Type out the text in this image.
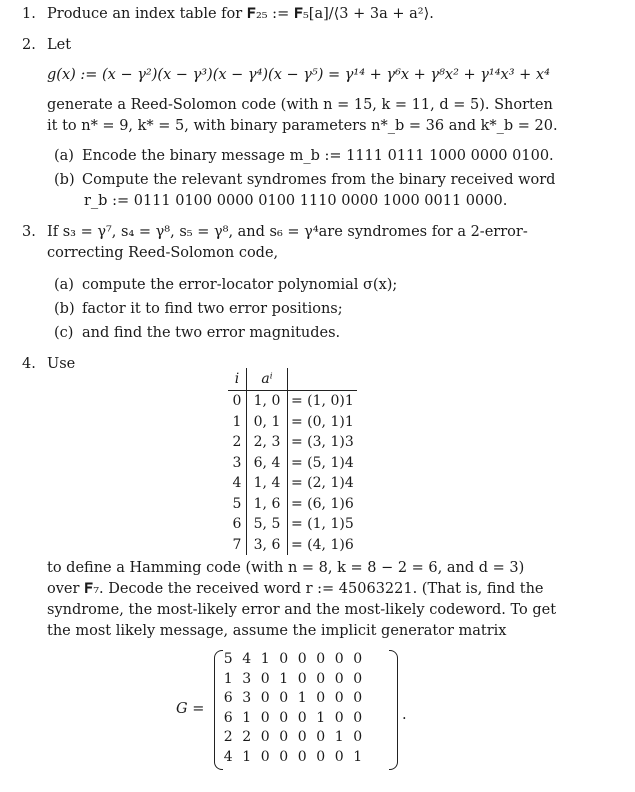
1. Produce an index table for 𝐅₂₅ := 𝐅₅[a]/⟨3 + 3a + a²⟩.
2. Let
g(x) := (x − γ²)(x − γ³)(x − γ⁴)(x − γ⁵) = γ¹⁴ + γ⁶x + γ⁸x² + γ¹⁴x³ + x⁴
generate a Reed-Solomon code (with n = 15, k = 11, d = 5). Shorten
it to n* = 9, k* = 5, with binary parameters n*_b = 36 and k*_b = 20.
(a) Encode the binary message m_b := 1111 0111 1000 0000 0100.
(b) Compute the relevant syndromes from the binary received word
r_b := 0111 0100 0000 0100 1110 0000 1000 0011 0000.
3. If s₃ = γ⁷, s₄ = γ⁸, s₅ = γ⁸, and s₆ = γ⁴are syndromes for a 2-error-
correcting Reed-Solomon code,
(a) compute the error-locator polynomial σ(x);
(b) factor it to find two error positions;
(c) and find the two error magnitudes.
4. Use
i	aⁱ	
0	1, 0	= (1, 0)1
1	0, 1	= (0, 1)1
2	2, 3	= (3, 1)3
3	6, 4	= (5, 1)4
4	1, 4	= (2, 1)4
5	1, 6	= (6, 1)6
6	5, 5	= (1, 1)5
7	3, 6	= (4, 1)6
to define a Hamming code (with n = 8, k = 8 − 2 = 6, and d = 3)
over 𝐅₇. Decode the received word r := 45063221. (That is, find the
syndrome, the most-likely error and the most-likely codeword. To get
the most likely message, assume the implicit generator matrix
G =
5	4	1	0	0	0	0	0
1	3	0	1	0	0	0	0
6	3	0	0	1	0	0	0
6	1	0	0	0	1	0	0
2	2	0	0	0	0	1	0
4	1	0	0	0	0	0	1
.
